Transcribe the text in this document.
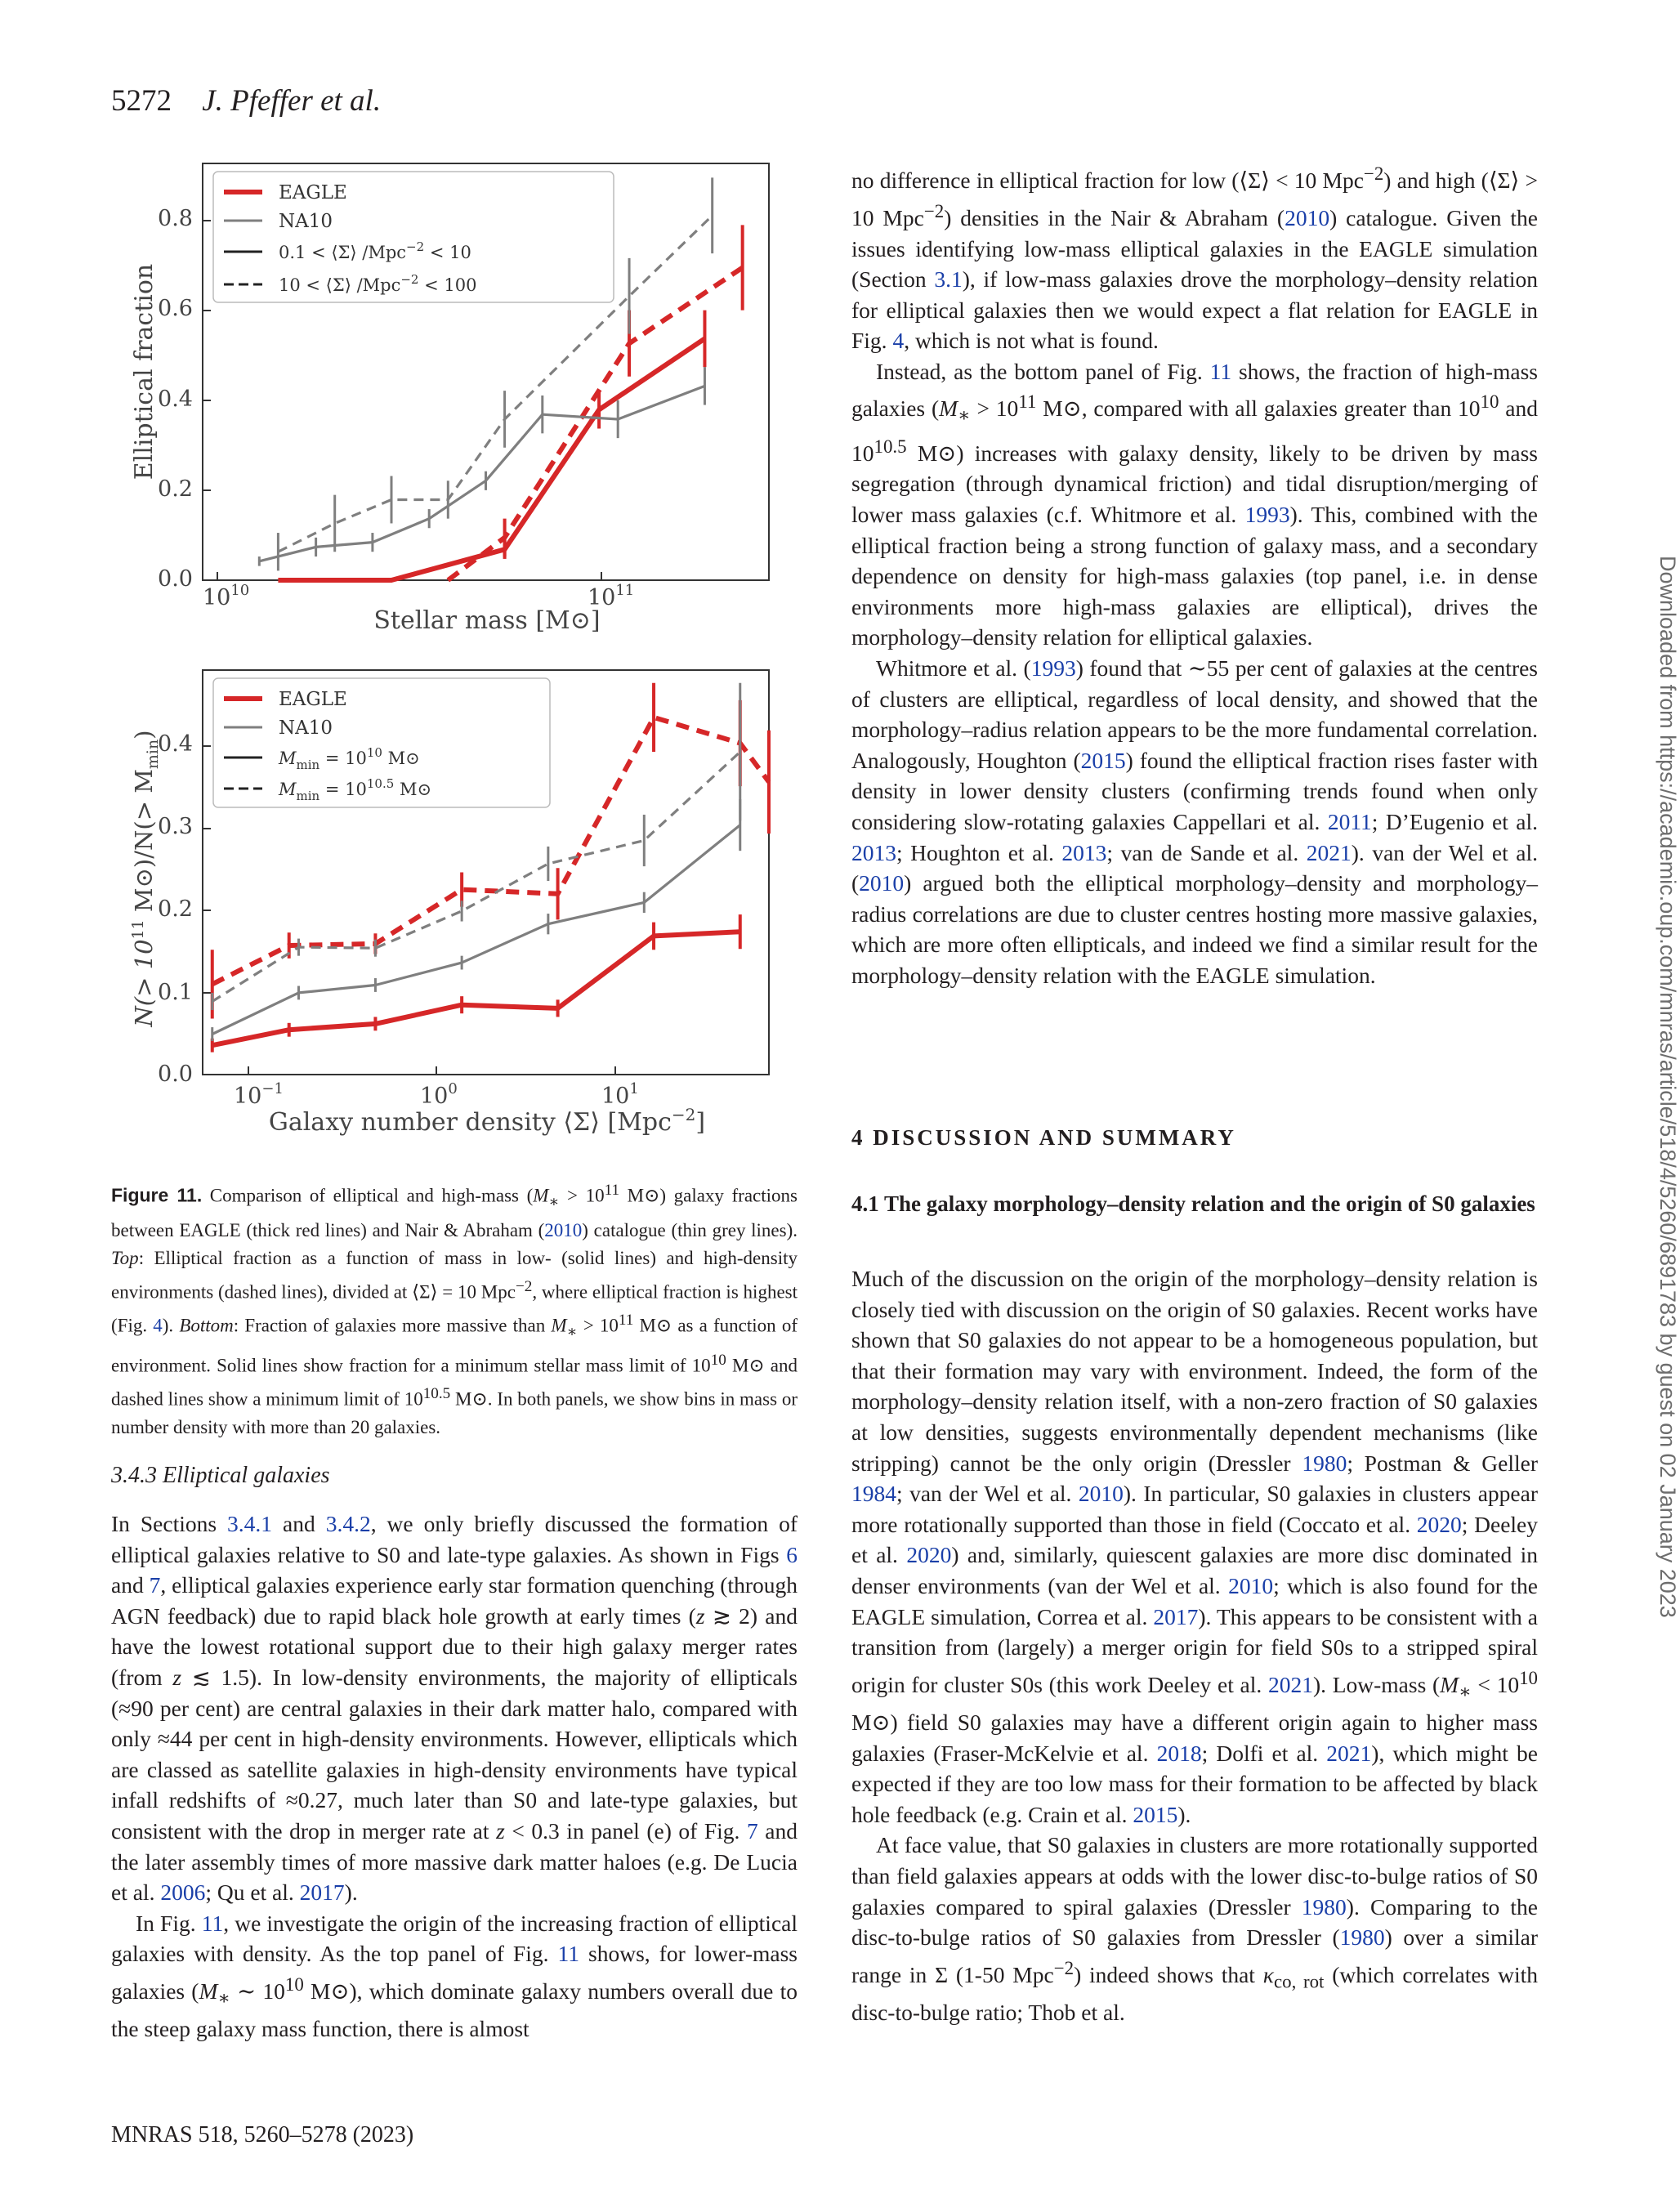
5272 J. Pfeffer et al.
0.0
0.2
0.4
0.6
0.8
$10^{10}$	$10^{11}$
Stellar mass [M⊙]
Elliptical fraction
EAGLE
NA10
0.1 < ⟨Σ⟩ /Mpc$^{-2}$ < 10
10 < ⟨Σ⟩ /Mpc$^{-2}$ < 100
0.0
0.1
0.2
0.3
0.4
$10^{-1}$	$10^0$	$10^1$
Galaxy number density ⟨Σ⟩ [Mpc$^{-2}$]
$N(> 10^{11}$ M⊙)/N(> $M_{min}$)
EAGLE
NA10
$M_{min} = 10^{10}$ M⊙
$M_{min} = 10^{10.5}$ M⊙
Figure 11. Comparison of elliptical and high-mass ($M_∗ > 10^{11}$ M⊙) galaxy fractions between EAGLE (thick red lines) and Nair & Abraham (2010) catalogue (thin grey lines). Top: Elliptical fraction as a function of mass in low- (solid lines) and high-density environments (dashed lines), divided at ⟨Σ⟩ = 10 Mpc$^{-2}$, where elliptical fraction is highest (Fig. 4). Bottom: Fraction of galaxies more massive than $M_∗ > 10^{11}$ M⊙ as a function of environment. Solid lines show fraction for a minimum stellar mass limit of $10^{10}$ M⊙ and dashed lines show a minimum limit of $10^{10.5}$ M⊙. In both panels, we show bins in mass or number density with more than 20 galaxies.
3.4.3 Elliptical galaxies

In Sections 3.4.1 and 3.4.2, we only briefly discussed the formation of elliptical galaxies relative to S0 and late-type galaxies. As shown in Figs 6 and 7, elliptical galaxies experience early star formation quenching (through AGN feedback) due to rapid black hole growth at early times (z ≳ 2) and have the lowest rotational support due to their high galaxy merger rates (from z ≲ 1.5). In low-density environments, the majority of ellipticals (≈90 per cent) are central galaxies in their dark matter halo, compared with only ≈44 per cent in high-density environments. However, ellipticals which are classed as satellite galaxies in high-density environments have typical infall redshifts of ≈0.27, much later than S0 and late-type galaxies, but consistent with the drop in merger rate at z < 0.3 in panel (e) of Fig. 7 and the later assembly times of more massive dark matter haloes (e.g. De Lucia et al. 2006; Qu et al. 2017).

In Fig. 11, we investigate the origin of the increasing fraction of elliptical galaxies with density. As the top panel of Fig. 11 shows, for lower-mass galaxies ($M_∗$ ∼ $10^{10}$ M⊙), which dominate galaxy numbers overall due to the steep galaxy mass function, there is almost

no difference in elliptical fraction for low (⟨Σ⟩ < 10 Mpc$^{-2}$) and high (⟨Σ⟩ > 10 Mpc$^{-2}$) densities in the Nair & Abraham (2010) catalogue. Given the issues identifying low-mass elliptical galaxies in the EAGLE simulation (Section 3.1), if low-mass galaxies drove the morphology–density relation for elliptical galaxies then we would expect a flat relation for EAGLE in Fig. 4, which is not what is found.

Instead, as the bottom panel of Fig. 11 shows, the fraction of high-mass galaxies ($M_∗ > 10^{11}$ M⊙, compared with all galaxies greater than $10^{10}$ and $10^{10.5}$ M⊙) increases with galaxy density, likely to be driven by mass segregation (through dynamical friction) and tidal disruption/merging of lower mass galaxies (c.f. Whitmore et al. 1993). This, combined with the elliptical fraction being a strong function of galaxy mass, and a secondary dependence on density for high-mass galaxies (top panel, i.e. in dense environments more high-mass galaxies are elliptical), drives the morphology–density relation for elliptical galaxies.

Whitmore et al. (1993) found that ∼55 per cent of galaxies at the centres of clusters are elliptical, regardless of local density, and showed that the morphology–radius relation appears to be the more fundamental correlation. Analogously, Houghton (2015) found the elliptical fraction rises faster with density in lower density clusters (confirming trends found when only considering slow-rotating galaxies Cappellari et al. 2011; D’Eugenio et al. 2013; Houghton et al. 2013; van de Sande et al. 2021). van der Wel et al. (2010) argued both the elliptical morphology–density and morphology–radius correlations are due to cluster centres hosting more massive galaxies, which are more often ellipticals, and indeed we find a similar result for the morphology–density relation with the EAGLE simulation.

4 DISCUSSION AND SUMMARY
4.1 The galaxy morphology–density relation and the origin of S0 galaxies

Much of the discussion on the origin of the morphology–density relation is closely tied with discussion on the origin of S0 galaxies. Recent works have shown that S0 galaxies do not appear to be a homogeneous population, but that their formation may vary with environment. Indeed, the form of the morphology–density relation itself, with a non-zero fraction of S0 galaxies at low densities, suggests environmentally dependent mechanisms (like stripping) cannot be the only origin (Dressler 1980; Postman & Geller 1984; van der Wel et al. 2010). In particular, S0 galaxies in clusters appear more rotationally supported than those in field (Coccato et al. 2020; Deeley et al. 2020) and, similarly, quiescent galaxies are more disc dominated in denser environments (van der Wel et al. 2010; which is also found for the EAGLE simulation, Correa et al. 2017). This appears to be consistent with a transition from (largely) a merger origin for field S0s to a stripped spiral origin for cluster S0s (this work Deeley et al. 2021). Low-mass ($M_∗ < 10^{10}$ M⊙) field S0 galaxies may have a different origin again to higher mass galaxies (Fraser-McKelvie et al. 2018; Dolfi et al. 2021), which might be expected if they are too low mass for their formation to be affected by black hole feedback (e.g. Crain et al. 2015).

At face value, that S0 galaxies in clusters are more rotationally supported than field galaxies appears at odds with the lower disc-to-bulge ratios of S0 galaxies compared to spiral galaxies (Dressler 1980). Comparing to the disc-to-bulge ratios of S0 galaxies from Dressler (1980) over a similar range in Σ (1-50 Mpc$^{-2}$) indeed shows that $\kappa_{co, rot}$ (which correlates with disc-to-bulge ratio; Thob et al.

MNRAS 518, 5260–5278 (2023)
Downloaded from https://academic.oup.com/mnras/article/518/4/5260/6891783 by guest on 02 January 2023
